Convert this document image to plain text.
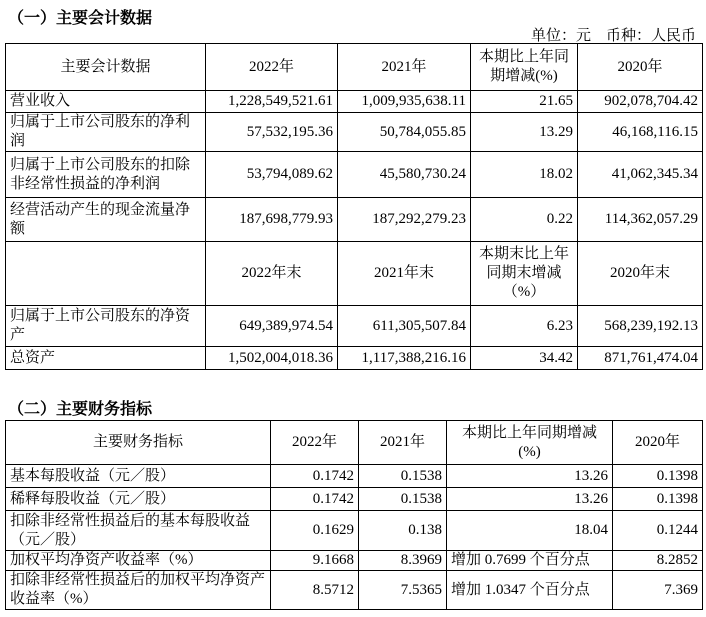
（一）主要会计数据
单位：元　币种：人民币
主要会计数据	2022年	2021年	本期比上年同期增减(%)	2020年
营业收入	1,228,549,521.61	1,009,935,638.11	21.65	902,078,704.42
归属于上市公司股东的净利润	57,532,195.36	50,784,055.85	13.29	46,168,116.15
归属于上市公司股东的扣除非经常性损益的净利润	53,794,089.62	45,580,730.24	18.02	41,062,345.34
经营活动产生的现金流量净额	187,698,779.93	187,292,279.23	0.22	114,362,057.29
	2022年末	2021年末	本期末比上年同期末增减（%）	2020年末
归属于上市公司股东的净资产	649,389,974.54	611,305,507.84	6.23	568,239,192.13
总资产	1,502,004,018.36	1,117,388,216.16	34.42	871,761,474.04
（二）主要财务指标
主要财务指标	2022年	2021年	本期比上年同期增减(%)	2020年
基本每股收益（元／股）	0.1742	0.1538	13.26	0.1398
稀释每股收益（元／股）	0.1742	0.1538	13.26	0.1398
扣除非经常性损益后的基本每股收益（元／股）	0.1629	0.138	18.04	0.1244
加权平均净资产收益率（%）	9.1668	8.3969	增加 0.7699 个百分点	8.2852
扣除非经常性损益后的加权平均净资产收益率（%）	8.5712	7.5365	增加 1.0347 个百分点	7.369
